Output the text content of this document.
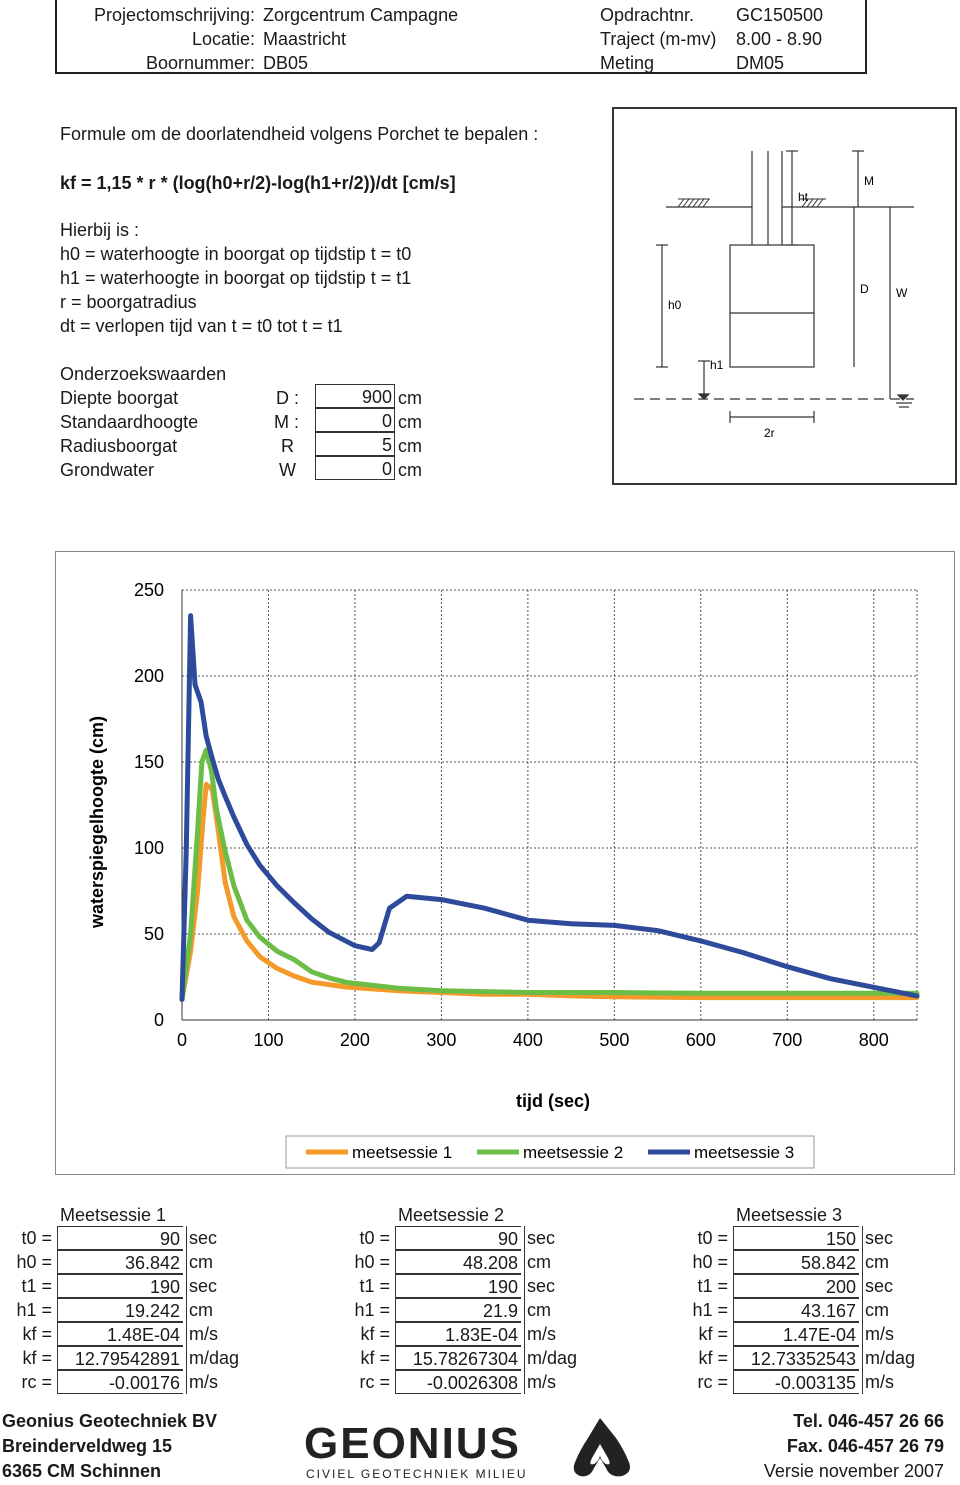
Projectomschrijving: Zorgcentrum Campagne
Locatie: Maastricht
Boornummer: DB05
Opdrachtnr. GC150500
Traject (m-mv) 8.00 - 8.90
Meting	DM05
Formule om de doorlatendheid volgens Porchet te bepalen :
kf = 1,15 * r * (log(h0+r/2)-log(h1+r/2))/dt [cm/s]
Hierbij is :
h0 = waterhoogte in boorgat op tijdstip t = t0
h1 = waterhoogte in boorgat op tijdstip t = t1
r = boorgatradius
dt = verlopen tijd van t = t0 tot t = t1
Onderzoekswaarden
Diepte boorgat	D :	900 cm
Standaardhoogte	M :	0 cm
Radiusboorgat	R	5 cm
Grondwater	W	0 cm
ht
M
h0
D W
h1
2r
0
50
100
150
200
250
0	100	200	300	400	500	600	700	800
tijd (sec)
waterspiegelhoogte (cm)
meetsessie 1	meetsessie 2	meetsessie 3
Meetsessie 1
t0 =	90 sec
h0 =	36.842 cm
t1 =	190 sec
h1 =	19.242 cm
kf =	1.48E-04 m/s
kf =	12.79542891 m/dag
rc =	-0.00176 m/s
Meetsessie 2
t0 =	90 sec
h0 =	48.208 cm
t1 =	190 sec
h1 =	21.9 cm
kf =	1.83E-04 m/s
kf =	15.78267304 m/dag
rc =	-0.0026308 m/s
Meetsessie 3
t0 =	150 sec
h0 =	58.842 cm
t1 =	200 sec
h1 =	43.167 cm
kf =	1.47E-04 m/s
kf =	12.73352543 m/dag
rc =	-0.003135 m/s
Geonius Geotechniek BV
Breinderveldweg 15
6365 CM Schinnen
GEONIUS
CIVIEL GEOTECHNIEK MILIEU
Tel. 046-457 26 66
Fax. 046-457 26 79
Versie november 2007
